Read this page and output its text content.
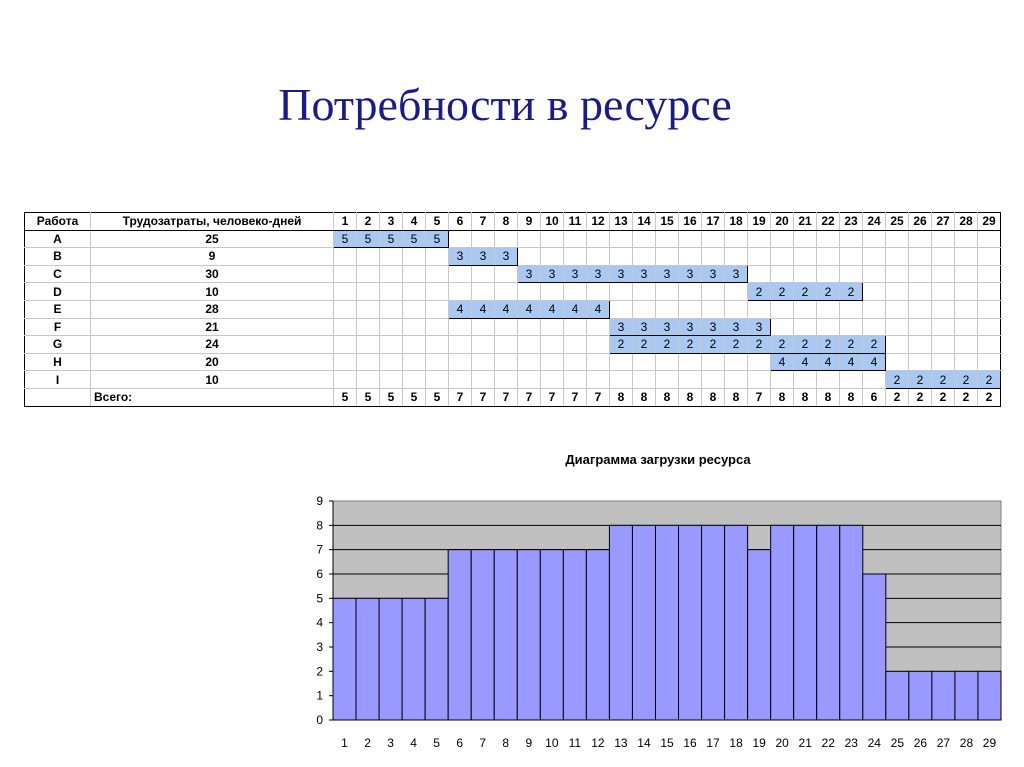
Потребности в ресурсе
Работа	Трудозатраты, человеко-дней	1	2	3	4	5	6	7	8	9	10	11	12	13	14	15	16	17	18	19	20	21	22	23	24	25	26	27	28	29
A	25	5	5	5	5	5																								
B	9						3	3	3																					
C	30									3	3	3	3	3	3	3	3	3	3											
D	10																			2	2	2	2	2						
E	28						4	4	4	4	4	4	4																	
F	21													3	3	3	3	3	3	3										
G	24													2	2	2	2	2	2	2	2	2	2	2	2					
H	20																				4	4	4	4	4					
I	10																									2	2	2	2	2
	Всего:	5	5	5	5	5	7	7	7	7	7	7	7	8	8	8	8	8	8	7	8	8	8	8	6	2	2	2	2	2
Диаграмма загрузки ресурса
0
1
2
3
4
5
6
7
8
9
1 2 3 4 5 6 7 8 9 10 11 12 13 14 15 16 17 18 19 20 21 22 23 24 25 26 27 28 29
